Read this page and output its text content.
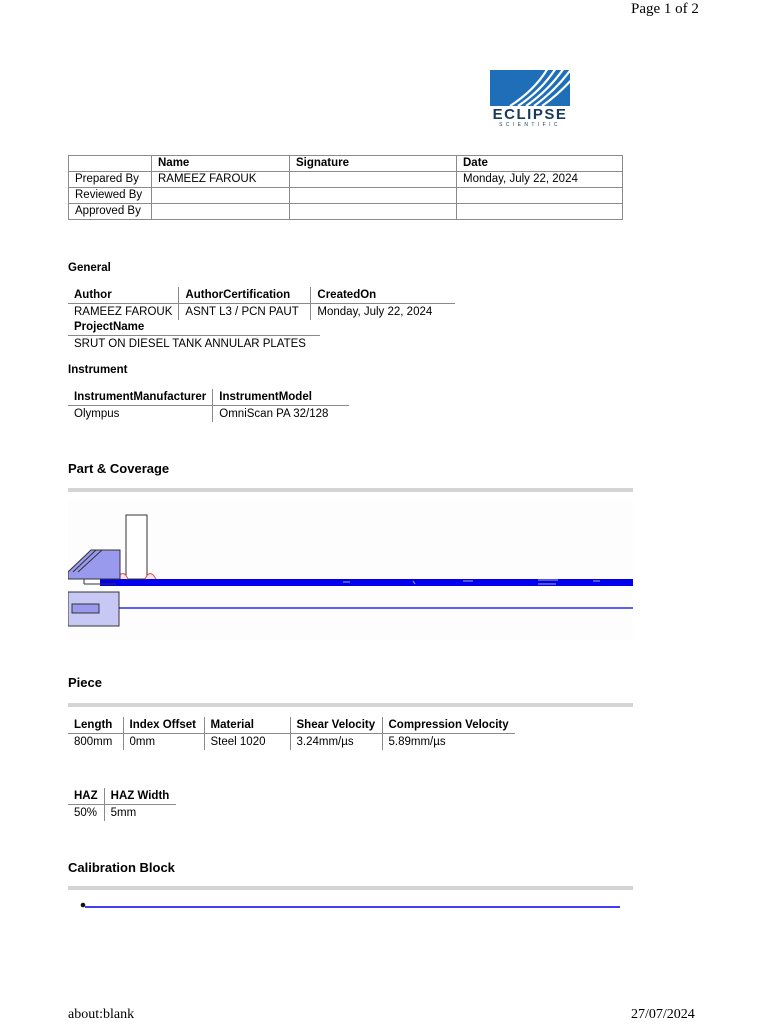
Page 1 of 2
ECLIPSE
SCIENTIFIC
	Name	Signature	Date
Prepared By	RAMEEZ FAROUK		Monday, July 22, 2024
Reviewed By			
Approved By			
General
Author	AuthorCertification	CreatedOn
RAMEEZ FAROUK	ASNT L3 / PCN PAUT	Monday, July 22, 2024
ProjectName
SRUT ON DIESEL TANK ANNULAR PLATES
Instrument
InstrumentManufacturer	InstrumentModel
Olympus	OmniScan PA 32/128
Part & Coverage
Piece
Length	Index Offset	Material	Shear Velocity	Compression Velocity
800mm	0mm	Steel 1020	3.24mm/µs	5.89mm/µs
HAZ	HAZ Width
50%	5mm
Calibration Block
about:blank	27/07/2024
